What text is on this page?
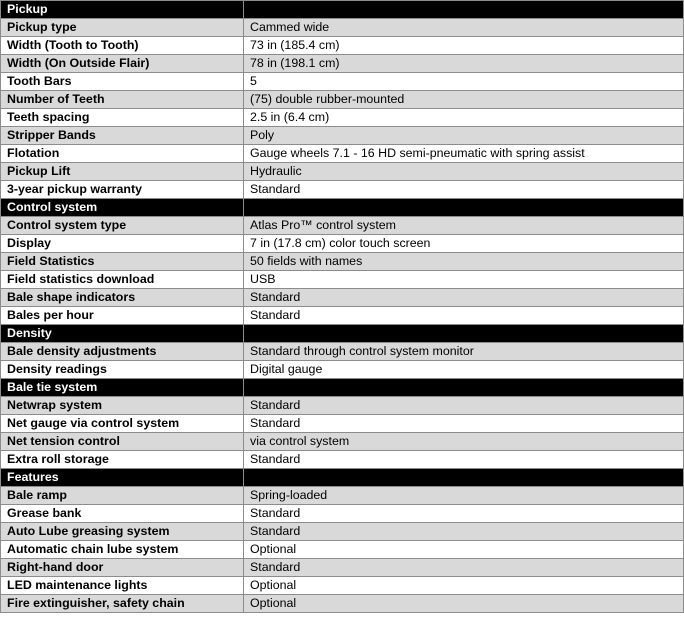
Pickup	
Pickup type	Cammed wide
Width (Tooth to Tooth)	73 in (185.4 cm)
Width (On Outside Flair)	78 in (198.1 cm)
Tooth Bars	5
Number of Teeth	(75) double rubber-mounted
Teeth spacing	2.5 in (6.4 cm)
Stripper Bands	Poly
Flotation	Gauge wheels 7.1 - 16 HD semi-pneumatic with spring assist
Pickup Lift	Hydraulic
3-year pickup warranty	Standard
Control system	
Control system type	Atlas Pro™ control system
Display	7 in (17.8 cm) color touch screen
Field Statistics	50 fields with names
Field statistics download	USB
Bale shape indicators	Standard
Bales per hour	Standard
Density	
Bale density adjustments	Standard through control system monitor
Density readings	Digital gauge
Bale tie system	
Netwrap system	Standard
Net gauge via control system	Standard
Net tension control	via control system
Extra roll storage	Standard
Features	
Bale ramp	Spring-loaded
Grease bank	Standard
Auto Lube greasing system	Standard
Automatic chain lube system	Optional
Right-hand door	Standard
LED maintenance lights	Optional
Fire extinguisher, safety chain	Optional
